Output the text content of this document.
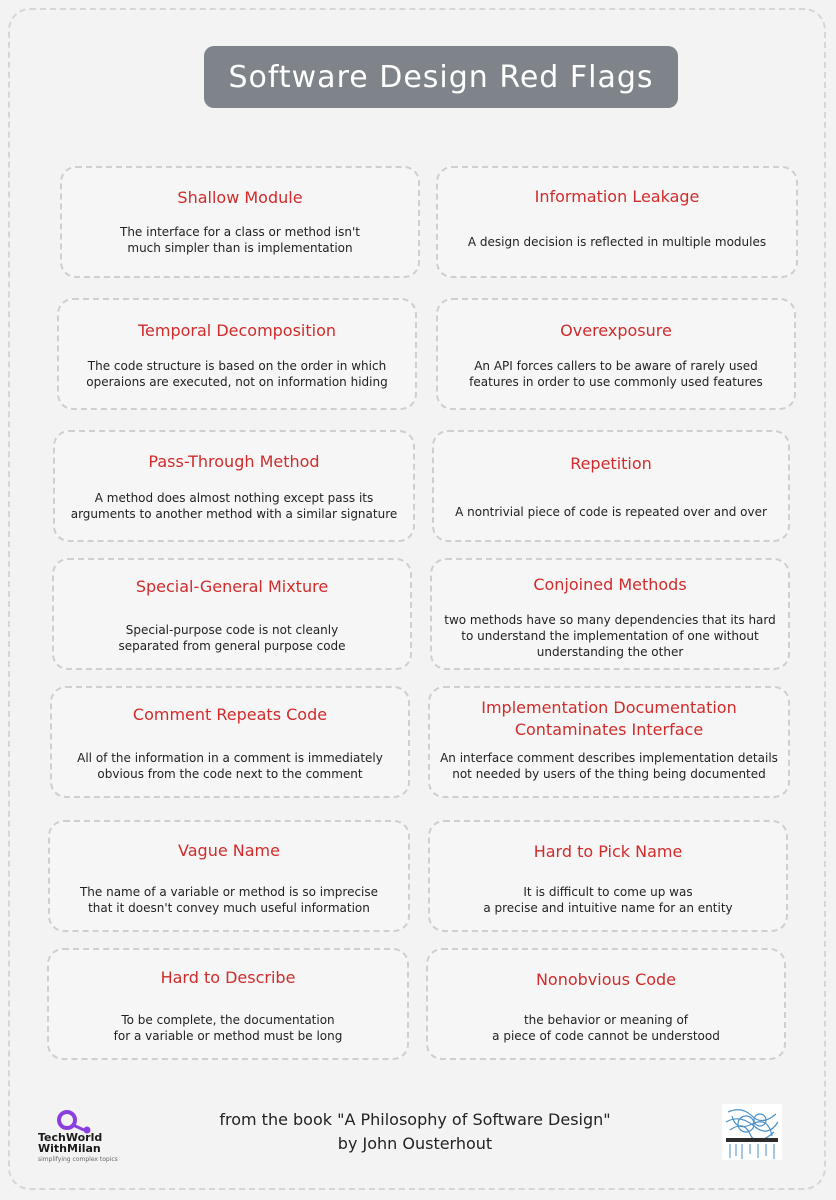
Software Design Red Flags
Shallow Module
The interface for a class or method isn't
much simpler than is implementation
Temporal Decomposition
The code structure is based on the order in which
operaions are executed, not on information hiding
Pass-Through Method
A method does almost nothing except pass its
arguments to another method with a similar signature
Special-General Mixture
Special-purpose code is not cleanly
separated from general purpose code
Comment Repeats Code
All of the information in a comment is immediately
obvious from the code next to the comment
Vague Name
The name of a variable or method is so imprecise
that it doesn't convey much useful information
Hard to Describe
To be complete, the documentation
for a variable or method must be long
Information Leakage
A design decision is reflected in multiple modules
Overexposure
An API forces callers to be aware of rarely used
features in order to use commonly used features
Repetition
A nontrivial piece of code is repeated over and over
Conjoined Methods
two methods have so many dependencies that its hard
to understand the implementation of one without
understanding the other
Implementation Documentation
Contaminates Interface
An interface comment describes implementation details
not needed by users of the thing being documented
Hard to Pick Name
It is difficult to come up was
a precise and intuitive name for an entity
Nonobvious Code
the behavior or meaning of
a piece of code cannot be understood
TechWorld
WithMilan
simplifying complex topics
from the book "A Philosophy of Software Design"
by John Ousterhout
